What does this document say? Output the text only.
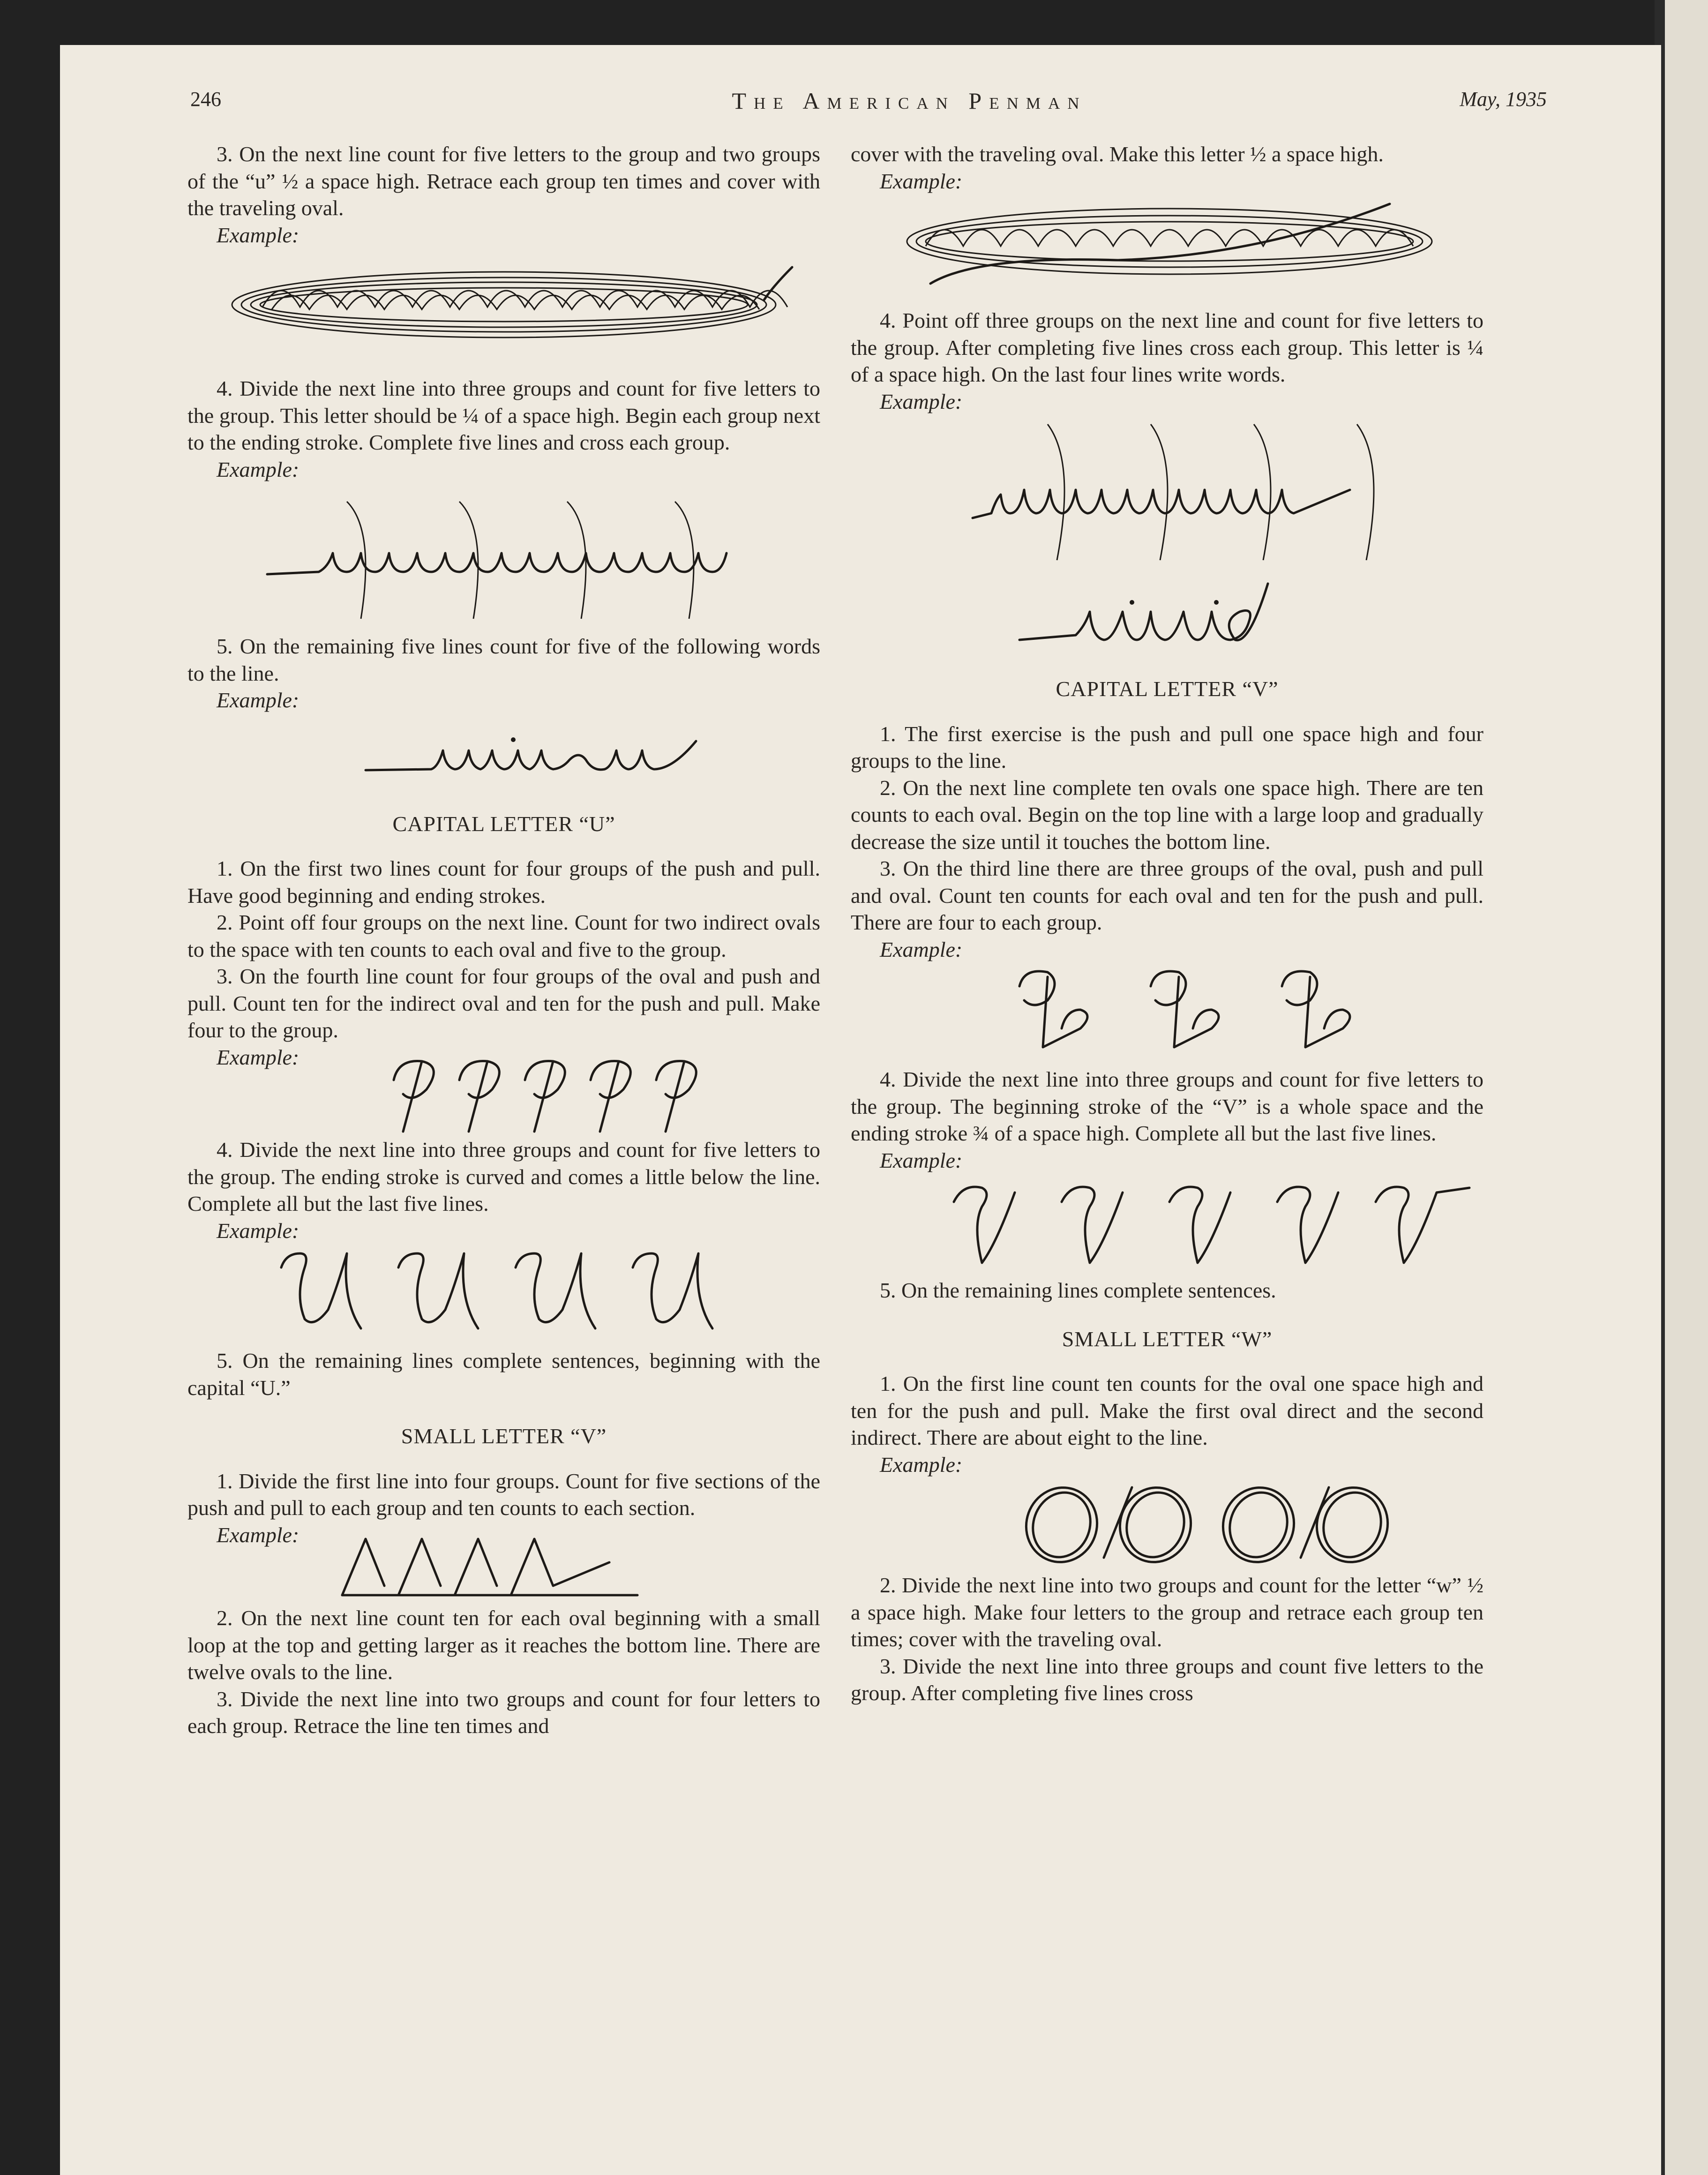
246	The American Penman	May, 1935

3. On the next line count for five letters to the group and two groups of the “u” ½ a space high. Retrace each group ten times and cover with the traveling oval.

Example:

4. Divide the next line into three groups and count for five letters to the group. This letter should be ¼ of a space high. Begin each group next to the ending stroke. Complete five lines and cross each group.

Example:

5. On the remaining five lines count for five of the following words to the line.

Example:
CAPITAL LETTER “U”

1. On the first two lines count for four groups of the push and pull. Have good beginning and ending strokes.

2. Point off four groups on the next line. Count for two indirect ovals to the space with ten counts to each oval and five to the group.

3. On the fourth line count for four groups of the oval and push and pull. Count ten for the indirect oval and ten for the push and pull. Make four to the group.

Example:

4. Divide the next line into three groups and count for five letters to the group. The ending stroke is curved and comes a little below the line. Complete all but the last five lines.

Example:

5. On the remaining lines complete sentences, beginning with the capital “U.”

SMALL LETTER “V”

1. Divide the first line into four groups. Count for five sections of the push and pull to each group and ten counts to each section.

Example:

2. On the next line count ten for each oval beginning with a small loop at the top and getting larger as it reaches the bottom line. There are twelve ovals to the line.

3. Divide the next line into two groups and count for four letters to each group. Retrace the line ten times and

cover with the traveling oval. Make this letter ½ a space high.

Example:

4. Point off three groups on the next line and count for five letters to the group. After completing five lines cross each group. This letter is ¼ of a space high. On the last four lines write words.

Example:
CAPITAL LETTER “V”

1. The first exercise is the push and pull one space high and four groups to the line.

2. On the next line complete ten ovals one space high. There are ten counts to each oval. Begin on the top line with a large loop and gradually decrease the size until it touches the bottom line.

3. On the third line there are three groups of the oval, push and pull and oval. Count ten counts for each oval and ten for the push and pull. There are four to each group.

Example:

4. Divide the next line into three groups and count for five letters to the group. The beginning stroke of the “V” is a whole space and the ending stroke ¾ of a space high. Complete all but the last five lines.

Example:

5. On the remaining lines complete sentences.

SMALL LETTER “W”

1. On the first line count ten counts for the oval one space high and ten for the push and pull. Make the first oval direct and the second indirect. There are about eight to the line.

Example:

2. Divide the next line into two groups and count for the letter “w” ½ a space high. Make four letters to the group and retrace each group ten times; cover with the traveling oval.

3. Divide the next line into three groups and count five letters to the group. After completing five lines cross
